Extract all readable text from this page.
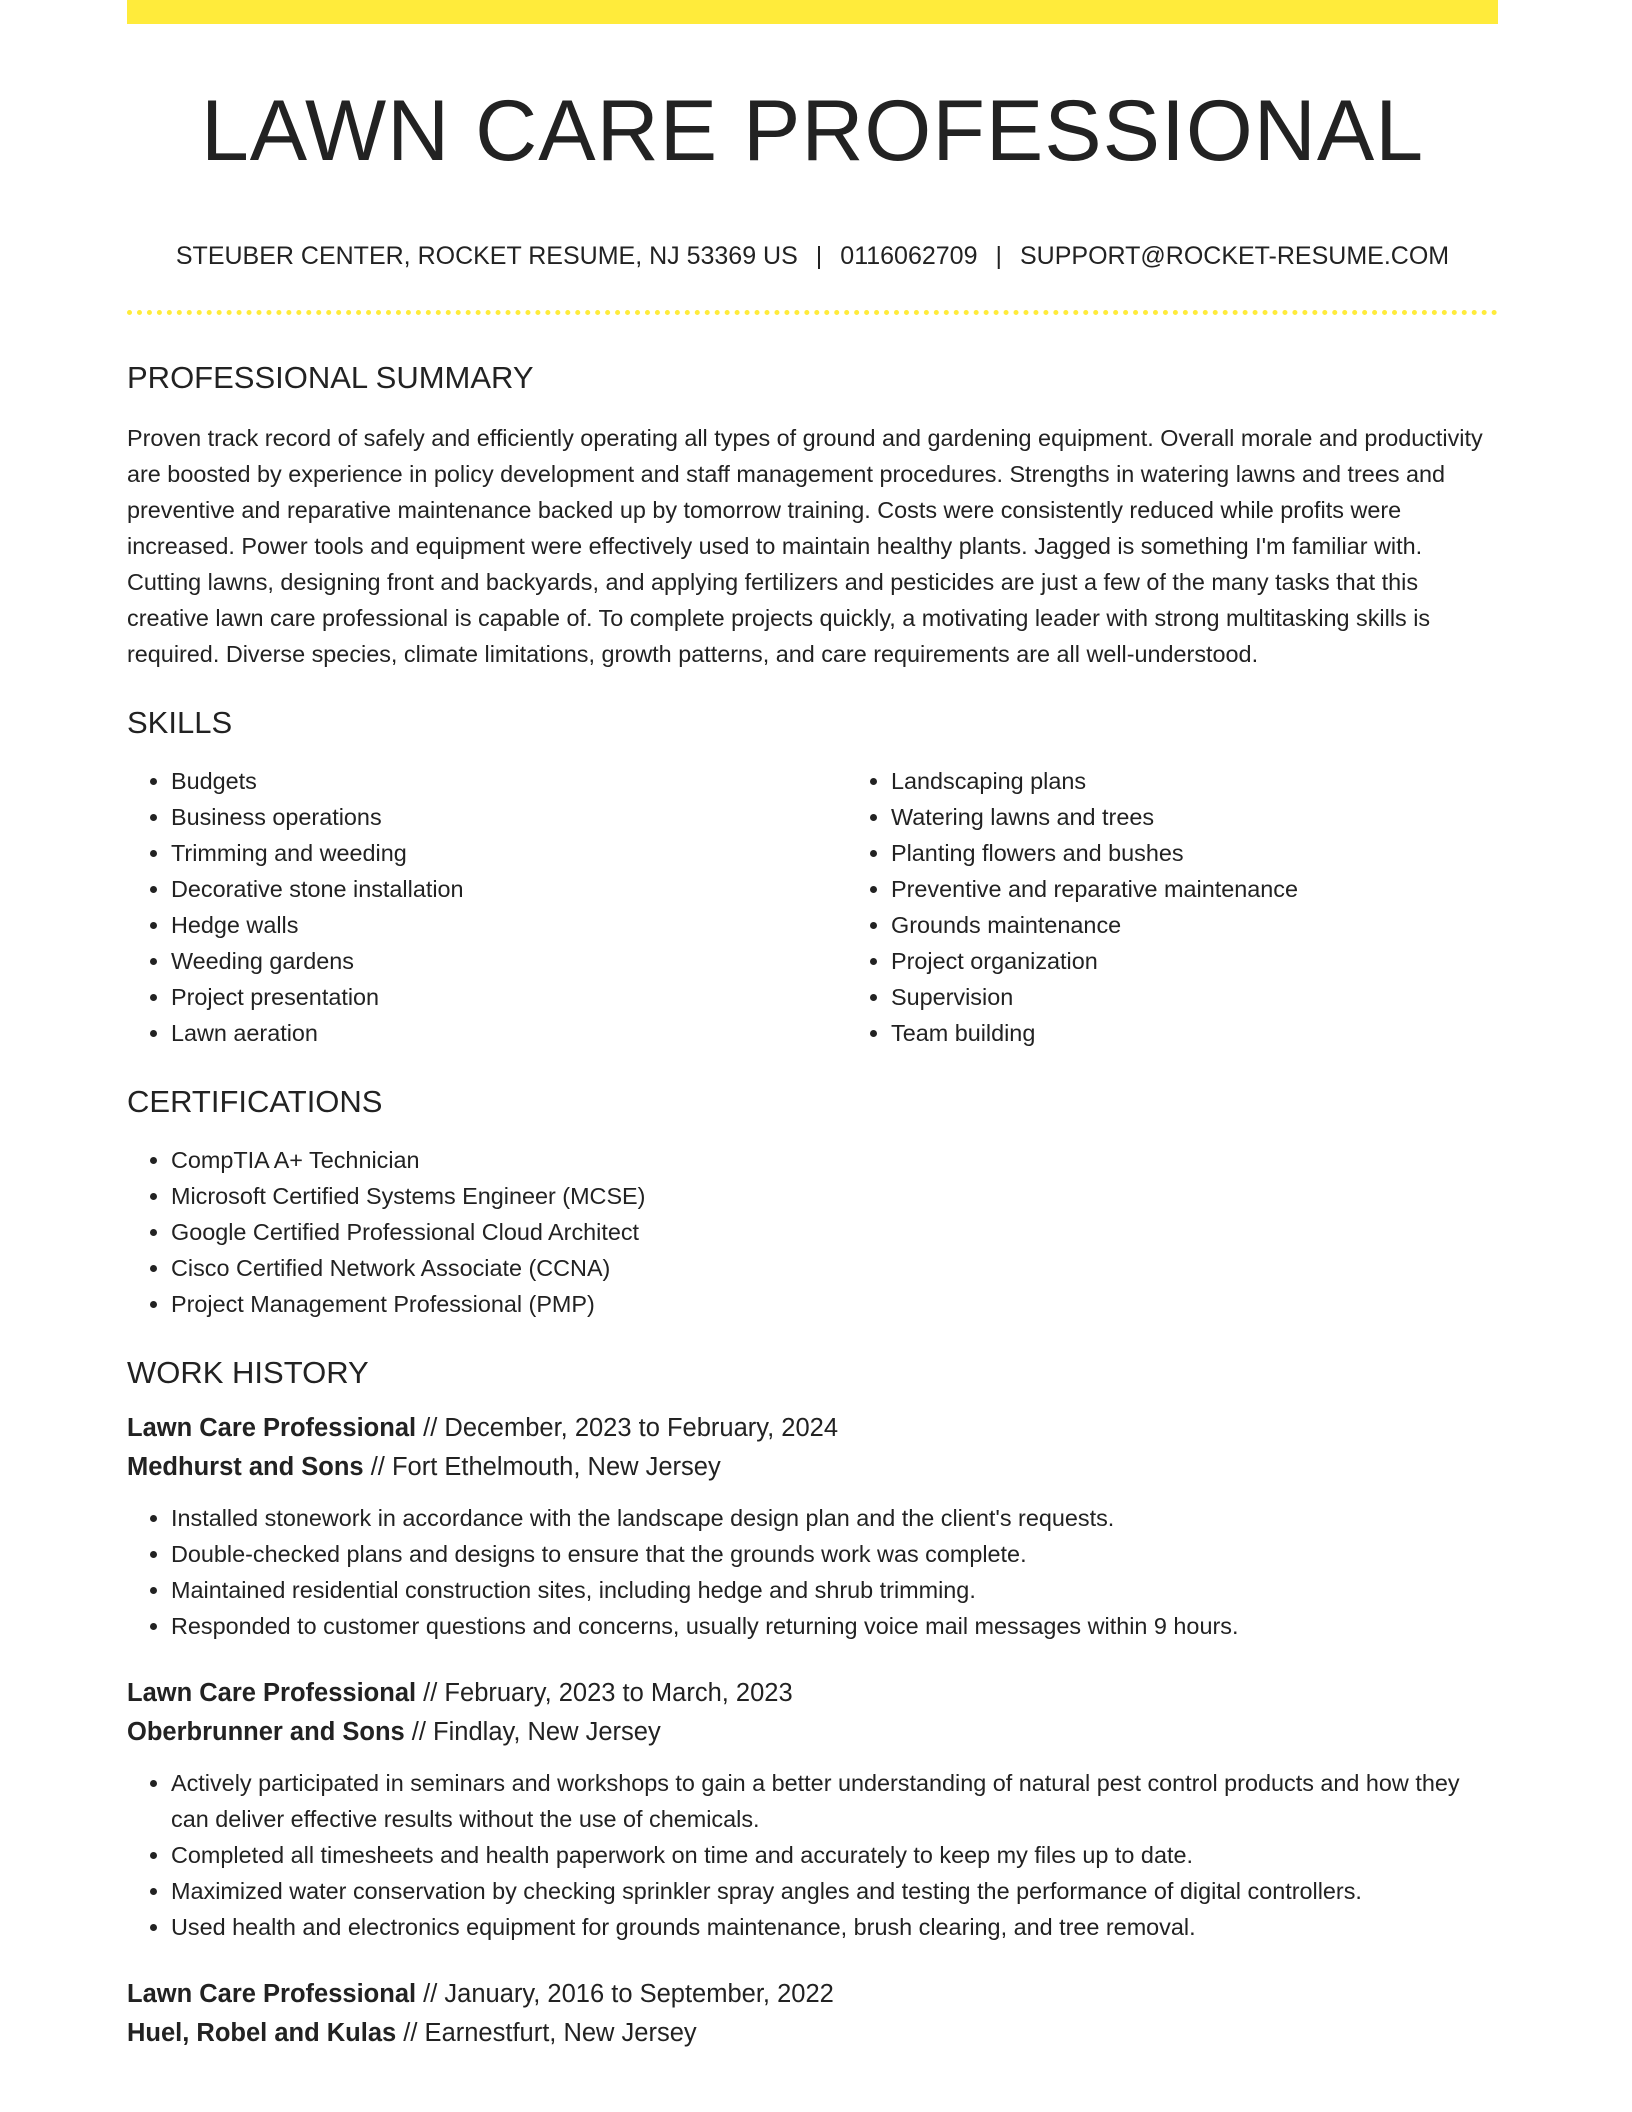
LAWN CARE PROFESSIONAL
STEUBER CENTER, ROCKET RESUME, NJ 53369 US | 0116062709 | SUPPORT@ROCKET-RESUME.COM
PROFESSIONAL SUMMARY

Proven track record of safely and efficiently operating all types of ground and gardening equipment. Overall morale and productivity are boosted by experience in policy development and staff management procedures. Strengths in watering lawns and trees and preventive and reparative maintenance backed up by tomorrow training. Costs were consistently reduced while profits were increased. Power tools and equipment were effectively used to maintain healthy plants. Jagged is something I'm familiar with. Cutting lawns, designing front and backyards, and applying fertilizers and pesticides are just a few of the many tasks that this creative lawn care professional is capable of. To complete projects quickly, a motivating leader with strong multitasking skills is required. Diverse species, climate limitations, growth patterns, and care requirements are all well-understood.

SKILLS
• Budgets
• Business operations
• Trimming and weeding
• Decorative stone installation
• Hedge walls
• Weeding gardens
• Project presentation
• Lawn aeration
• Landscaping plans
• Watering lawns and trees
• Planting flowers and bushes
• Preventive and reparative maintenance
• Grounds maintenance
• Project organization
• Supervision
• Team building
CERTIFICATIONS
• CompTIA A+ Technician
• Microsoft Certified Systems Engineer (MCSE)
• Google Certified Professional Cloud Architect
• Cisco Certified Network Associate (CCNA)
• Project Management Professional (PMP)
WORK HISTORY
Lawn Care Professional // December, 2023 to February, 2024
Medhurst and Sons // Fort Ethelmouth, New Jersey
• Installed stonework in accordance with the landscape design plan and the client's requests.
• Double-checked plans and designs to ensure that the grounds work was complete.
• Maintained residential construction sites, including hedge and shrub trimming.
• Responded to customer questions and concerns, usually returning voice mail messages within 9 hours.
Lawn Care Professional // February, 2023 to March, 2023
Oberbrunner and Sons // Findlay, New Jersey
• Actively participated in seminars and workshops to gain a better understanding of natural pest control products and how they can deliver effective results without the use of chemicals.
• Completed all timesheets and health paperwork on time and accurately to keep my files up to date.
• Maximized water conservation by checking sprinkler spray angles and testing the performance of digital controllers.
• Used health and electronics equipment for grounds maintenance, brush clearing, and tree removal.
Lawn Care Professional // January, 2016 to September, 2022
Huel, Robel and Kulas // Earnestfurt, New Jersey
